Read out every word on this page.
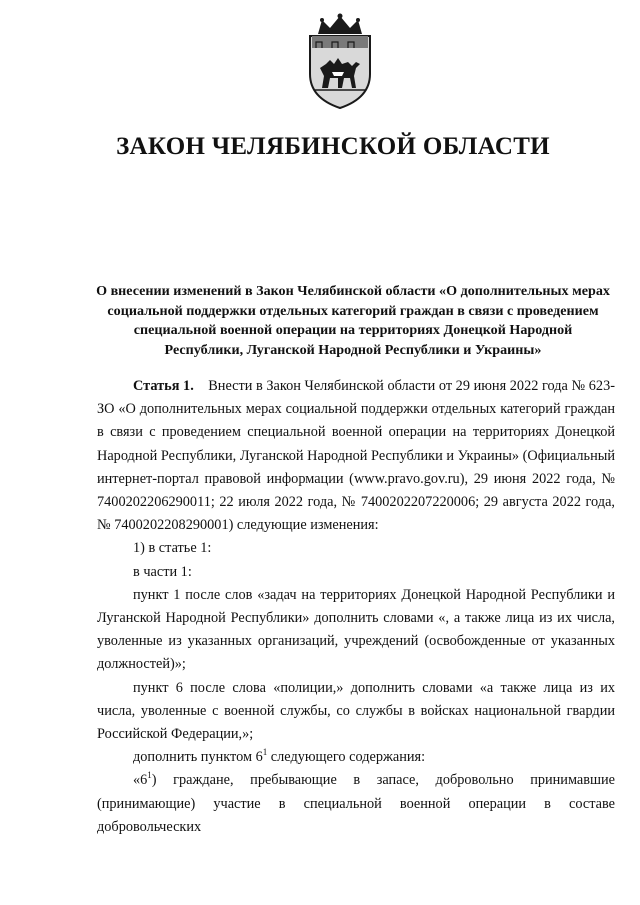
ЗАКОН ЧЕЛЯБИНСКОЙ ОБЛАСТИ
О внесении изменений в Закон Челябинской области «О дополнительных мерах социальной поддержки отдельных категорий граждан в связи с проведением специальной военной операции на территориях Донецкой Народной Республики, Луганской Народной Республики и Украины»

Статья 1. Внести в Закон Челябинской области от 29 июня 2022 года № 623-ЗО «О дополнительных мерах социальной поддержки отдельных категорий граждан в связи с проведением специальной военной операции на территориях Донецкой Народной Республики, Луганской Народной Республики и Украины» (Официальный интернет-портал правовой информации (www.pravo.gov.ru), 29 июня 2022 года, № 7400202206290011; 22 июля 2022 года, № 7400202207220006; 29 августа 2022 года, № 7400202208290001) следующие изменения:

1) в статье 1:

в части 1:

пункт 1 после слов «задач на территориях Донецкой Народной Республики и Луганской Народной Республики» дополнить словами «, а также лица из их числа, уволенные из указанных организаций, учреждений (освобожденные от указанных должностей)»;

пункт 6 после слова «полиции,» дополнить словами «а также лица из их числа, уволенные с военной службы, со службы в войсках национальной гвардии Российской Федерации,»;

дополнить пунктом $6^1$ следующего содержания:

«$6^1$) граждане, пребывающие в запасе, добровольно принимавшие (принимающие) участие в специальной военной операции в составе добровольческих
